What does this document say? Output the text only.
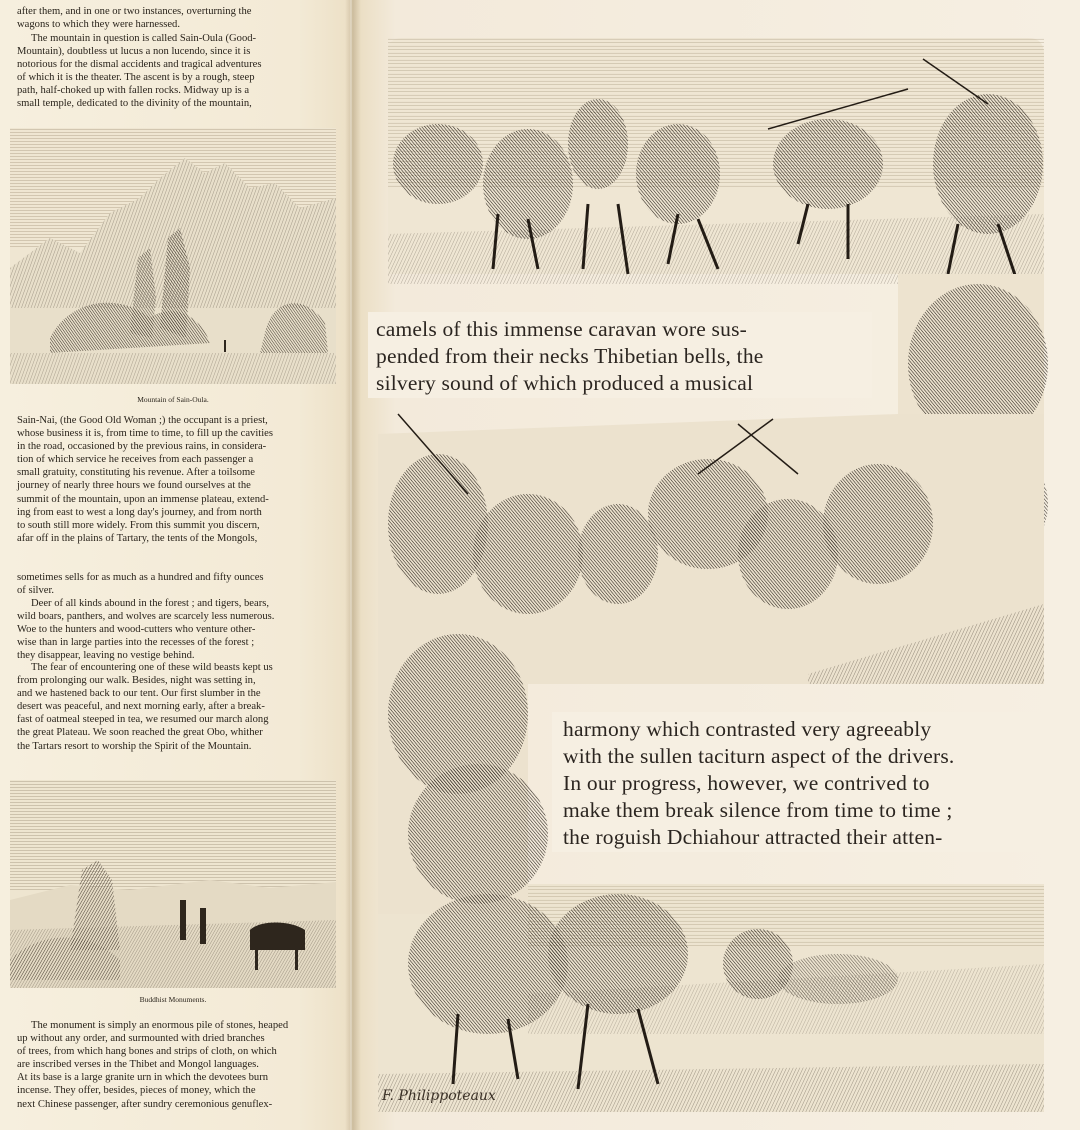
after them, and in one or two instances, overturning the
wagons to which they were harnessed.
The mountain in question is called Sain-Oula (Good-
Mountain), doubtless ut lucus a non lucendo, since it is
notorious for the dismal accidents and tragical adventures
of which it is the theater. The ascent is by a rough, steep
path, half-choked up with fallen rocks. Midway up is a
small temple, dedicated to the divinity of the mountain,
Mountain of Sain-Oula.
Sain-Nai, (the Good Old Woman ;) the occupant is a priest,
whose business it is, from time to time, to fill up the cavities
in the road, occasioned by the previous rains, in considera-
tion of which service he receives from each passenger a
small gratuity, constituting his revenue. After a toilsome
journey of nearly three hours we found ourselves at the
summit of the mountain, upon an immense plateau, extend-
ing from east to west a long day's journey, and from north
to south still more widely. From this summit you discern,
afar off in the plains of Tartary, the tents of the Mongols,
sometimes sells for as much as a hundred and fifty ounces
of silver.
Deer of all kinds abound in the forest ; and tigers, bears,
wild boars, panthers, and wolves are scarcely less numerous.
Woe to the hunters and wood-cutters who venture other-
wise than in large parties into the recesses of the forest ;
they disappear, leaving no vestige behind.
The fear of encountering one of these wild beasts kept us
from prolonging our walk. Besides, night was setting in,
and we hastened back to our tent. Our first slumber in the
desert was peaceful, and next morning early, after a break-
fast of oatmeal steeped in tea, we resumed our march along
the great Plateau. We soon reached the great Obo, whither
the Tartars resort to worship the Spirit of the Mountain.
Buddhist Monuments.
The monument is simply an enormous pile of stones, heaped
up without any order, and surmounted with dried branches
of trees, from which hang bones and strips of cloth, on which
are inscribed verses in the Thibet and Mongol languages.
At its base is a large granite urn in which the devotees burn
incense. They offer, besides, pieces of money, which the
next Chinese passenger, after sundry ceremonious genuflex-
camels of this immense caravan wore sus-
pended from their necks Thibetian bells, the
silvery sound of which produced a musical
harmony which contrasted very agreeably
with the sullen taciturn aspect of the drivers.
In our progress, however, we contrived to
make them break silence from time to time ;
the roguish Dchiahour attracted their atten-
F. Philippoteaux
